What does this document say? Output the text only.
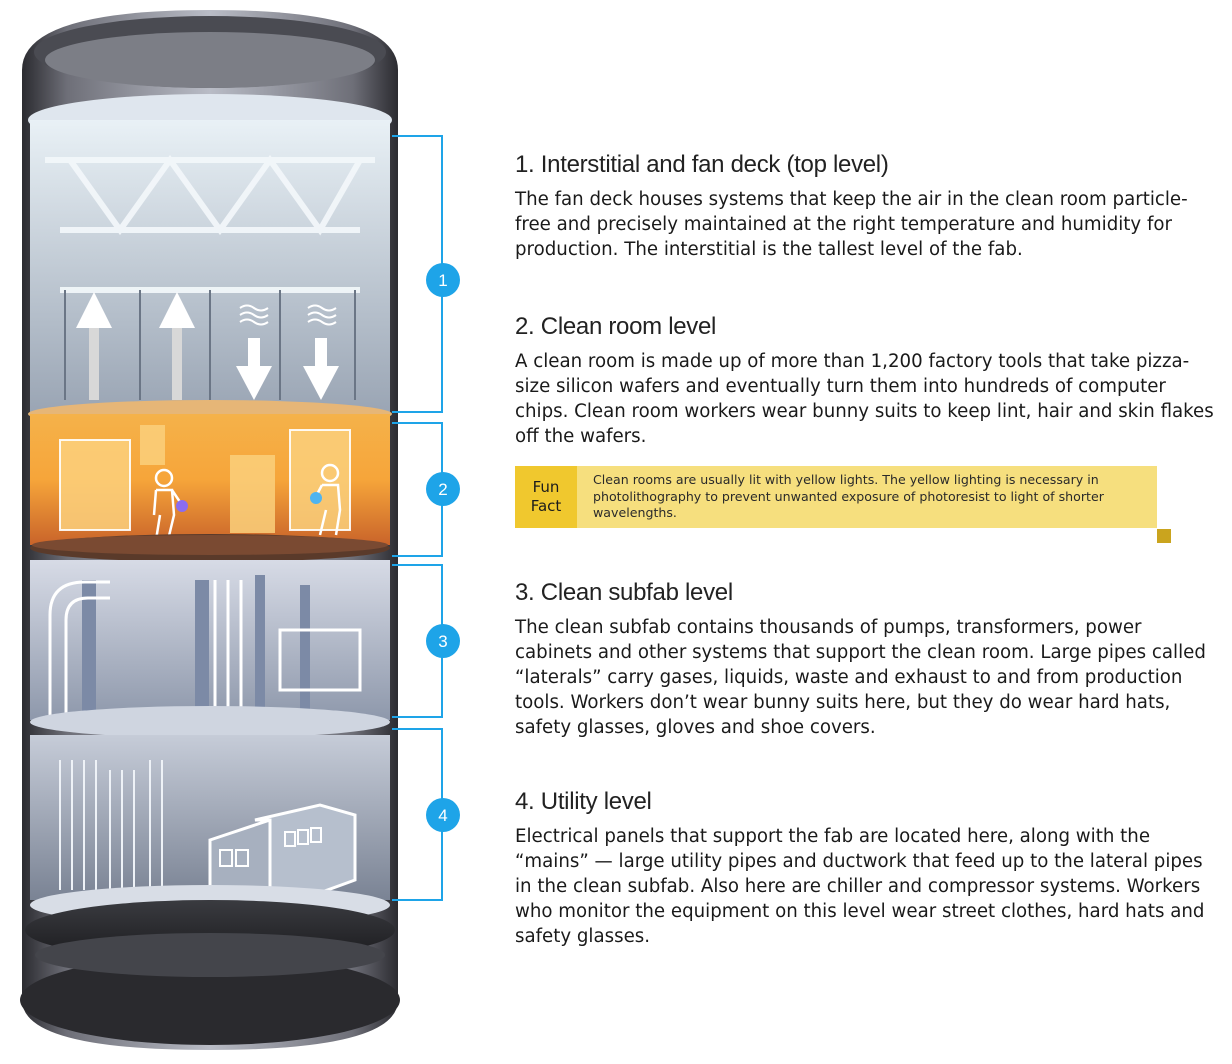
1
2
3
4
1. Interstitial and fan deck (top level)

The fan deck houses systems that keep the air in the clean room particle-free and precisely maintained at the right temperature and humidity for production. The interstitial is the tallest level of the fab.

2. Clean room level

A clean room is made up of more than 1,200 factory tools that take pizza-size silicon wafers and eventually turn them into hundreds of computer chips. Clean room workers wear bunny suits to keep lint, hair and skin flakes off the wafers.

Fun
Fact

Clean rooms are usually lit with yellow lights. The yellow lighting is necessary in photolithography to prevent unwanted exposure of photoresist to light of shorter wavelengths.

3. Clean subfab level

The clean subfab contains thousands of pumps, transformers, power cabinets and other systems that support the clean room. Large pipes called “laterals” carry gases, liquids, waste and exhaust to and from production tools. Workers don’t wear bunny suits here, but they do wear hard hats, safety glasses, gloves and shoe covers.

4. Utility level

Electrical panels that support the fab are located here, along with the “mains” — large utility pipes and ductwork that feed up to the lateral pipes in the clean subfab. Also here are chiller and compressor systems. Workers who monitor the equipment on this level wear street clothes, hard hats and safety glasses.
